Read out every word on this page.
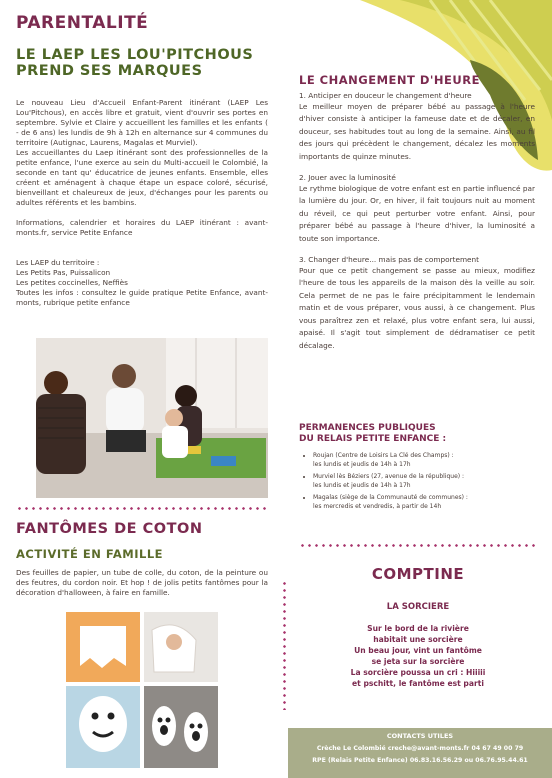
PARENTALITÉ
LE LAEP LES LOU'PITCHOUS
PREND SES MARQUES

Le nouveau Lieu d'Accueil Enfant-Parent itinérant (LAEP Les Lou'Pitchous), en accès libre et gratuit, vient d'ouvrir ses portes en septembre. Sylvie et Claire y accueillent les familles et les enfants ( - de 6 ans) les lundis de 9h à 12h en alternance sur 4 communes du territoire (Autignac, Laurens, Magalas et Murviel).

Les accueillantes du Laep itinérant sont des professionnelles de la petite enfance, l'une exerce au sein du Multi-accueil le Colombié, la seconde en tant qu' éducatrice de jeunes enfants. Ensemble, elles créent et aménagent à chaque étape un espace coloré, sécurisé, bienveillant et chaleureux de jeux, d'échanges pour les parents ou adultes référents et les bambins.

Informations, calendrier et horaires du LAEP itinérant : avant-monts.fr, service Petite Enfance

Les LAEP du territoire :

Les Petits Pas, Puissalicon

Les petites coccinelles, Neffiès

Toutes les infos : consultez le guide pratique Petite Enfance, avant-monts, rubrique petite enfance

FANTÔMES DE COTON
ACTIVITÉ EN FAMILLE
Des feuilles de papier, un tube de colle, du coton, de la peinture ou des feutres, du cordon noir. Et hop ! de jolis petits fantômes pour la décoration d'halloween, à faire en famille.
LE CHANGEMENT D'HEURE

1. Anticiper en douceur le changement d'heure

Le meilleur moyen de préparer bébé au passage à l'heure d'hiver consiste à anticiper la fameuse date et de décaler, en douceur, ses habitudes tout au long de la semaine. Ainsi, au fil des jours qui précèdent le changement, décalez les moments importants de quinze minutes.

2. Jouer avec la luminosité

Le rythme biologique de votre enfant est en partie influencé par la lumière du jour. Or, en hiver, il fait toujours nuit au moment du réveil, ce qui peut perturber votre enfant. Ainsi, pour préparer bébé au passage à l'heure d'hiver, la luminosité a toute son importance.

3. Changer d'heure... mais pas de comportement

Pour que ce petit changement se passe au mieux, modifiez l'heure de tous les appareils de la maison dès la veille au soir. Cela permet de ne pas le faire précipitamment le lendemain matin et de vous préparer, vous aussi, à ce changement. Plus vous paraîtrez zen et relaxé, plus votre enfant sera, lui aussi, apaisé. Il s'agit tout simplement de dédramatiser ce petit décalage.

PERMANENCES PUBLIQUES
DU RELAIS PETITE ENFANCE :
• Roujan (Centre de Loisirs La Clé des Champs) :
les lundis et jeudis de 14h à 17h
• Murviel lès Béziers (27, avenue de la république) :
les lundis et jeudis de 14h à 17h
• Magalas (siège de la Communauté de communes) :
les mercredis et vendredis, à partir de 14h
COMPTINE
LA SORCIERE
Sur le bord de la rivière
habitait une sorcière
Un beau jour, vint un fantôme
se jeta sur la sorcière
La sorcière poussa un cri : Hiiiii
et pschitt, le fantôme est parti
CONTACTS UTILES
Crèche Le Colombié creche@avant-monts.fr 04 67 49 00 79
RPE (Relais Petite Enfance) 06.83.16.56.29 ou 06.76.95.44.61
